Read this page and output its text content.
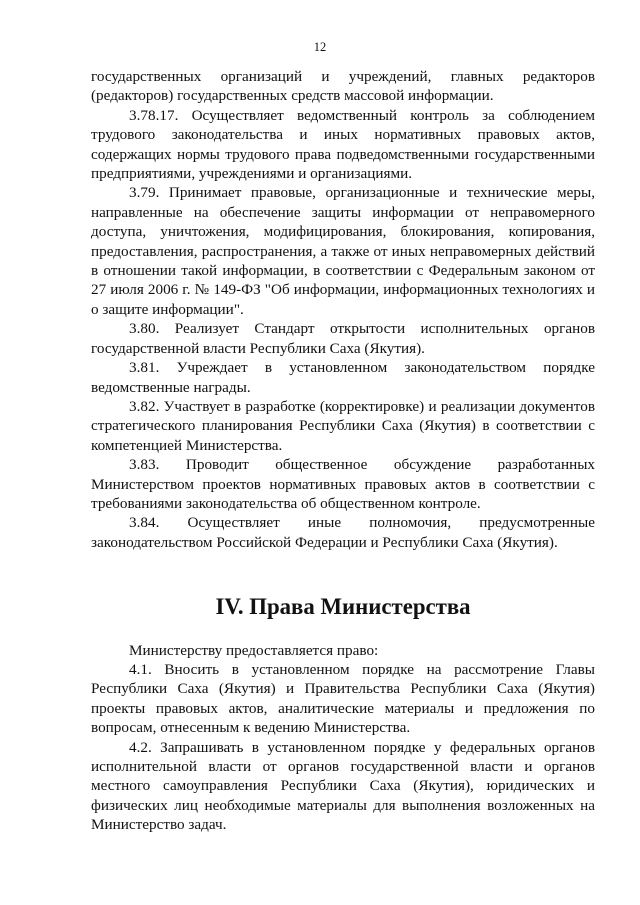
12

государственных организаций и учреждений, главных редакторов (редакторов) государственных средств массовой информации.

3.78.17. Осуществляет ведомственный контроль за соблюдением трудового законодательства и иных нормативных правовых актов, содержащих нормы трудового права подведомственными государственными предприятиями, учреждениями и организациями.

3.79. Принимает правовые, организационные и технические меры, направленные на обеспечение защиты информации от неправомерного доступа, уничтожения, модифицирования, блокирования, копирования, предоставления, распространения, а также от иных неправомерных действий в отношении такой информации, в соответствии с Федеральным законом от 27 июля 2006 г. № 149-ФЗ "Об информации, информационных технологиях и о защите информации".

3.80. Реализует Стандарт открытости исполнительных органов государственной власти Республики Саха (Якутия).

3.81. Учреждает в установленном законодательством порядке ведомственные награды.

3.82. Участвует в разработке (корректировке) и реализации документов стратегического планирования Республики Саха (Якутия) в соответствии с компетенцией Министерства.

3.83. Проводит общественное обсуждение разработанных Министерством проектов нормативных правовых актов в соответствии с требованиями законодательства об общественном контроле.

3.84. Осуществляет иные полномочия, предусмотренные законодательством Российской Федерации и Республики Саха (Якутия).

IV. Права Министерства

Министерству предоставляется право:

4.1. Вносить в установленном порядке на рассмотрение Главы Республики Саха (Якутия) и Правительства Республики Саха (Якутия) проекты правовых актов, аналитические материалы и предложения по вопросам, отнесенным к ведению Министерства.

4.2. Запрашивать в установленном порядке у федеральных органов исполнительной власти от органов государственной власти и органов местного самоуправления Республики Саха (Якутия), юридических и физических лиц необходимые материалы для выполнения возложенных на Министерство задач.
